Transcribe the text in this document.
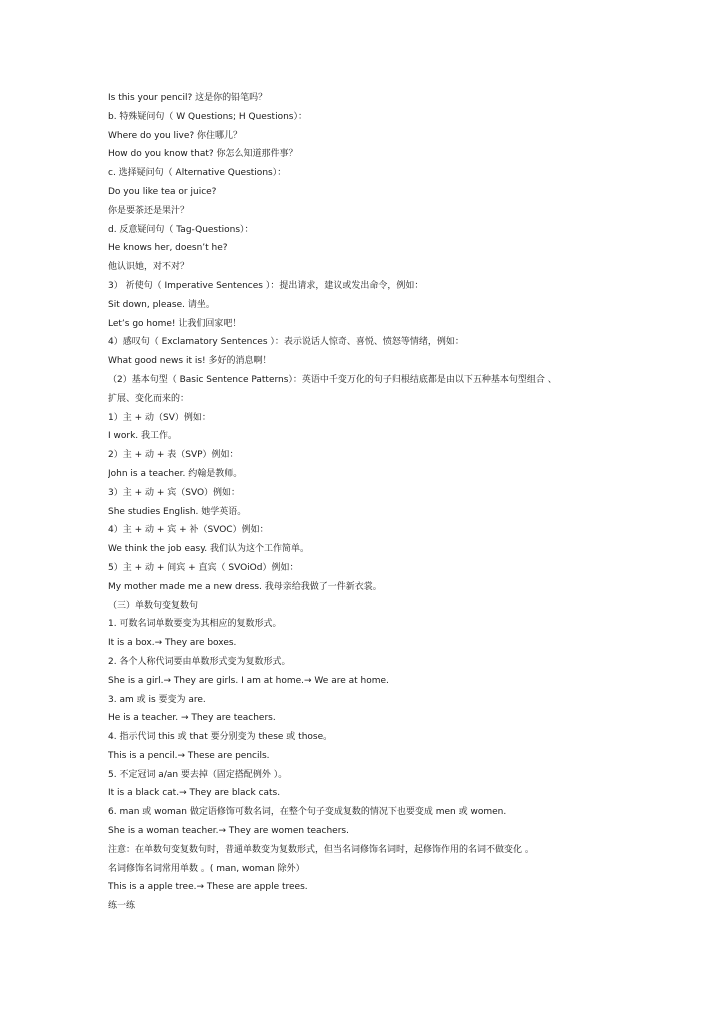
Is this your pencil? 这是你的铅笔吗？
b. 特殊疑问句（ W Questions; H Questions）：
Where do you live? 你住哪儿？
How do you know that? 你怎么知道那件事？
c. 选择疑问句（ Alternative Questions）：
Do you like tea or juice?
你是要茶还是果汁？
d. 反意疑问句（ Tag-Questions）：
He knows her, doesn’t he?
他认识她，对不对？
3） 祈使句（ Imperative Sentences ）：提出请求，建议或发出命令，例如：
Sit down, please. 请坐。
Let’s go home! 让我们回家吧！
4）感叹句（ Exclamatory Sentences ）：表示说话人惊奇、喜悦、愤怒等情绪，例如：
What good news it is! 多好的消息啊！
（2）基本句型（ Basic Sentence Patterns）：英语中千变万化的句子归根结底都是由以下五种基本句型组合 、
扩展、变化而来的：
1）主 + 动（SV）例如：
I work. 我工作。
2）主 + 动 + 表（SVP）例如：
John is a teacher. 约翰是教师。
3）主 + 动 + 宾（SVO）例如：
She studies English. 她学英语。
4）主 + 动 + 宾 + 补（SVOC）例如：
We think the job easy. 我们认为这个工作简单。
5）主 + 动 + 间宾 + 直宾（ SVOiOd）例如：
My mother made me a new dress. 我母亲给我做了一件新衣裳。
（三）单数句变复数句
1. 可数名词单数要变为其相应的复数形式。
It is a box.→ They are boxes.
2. 各个人称代词要由单数形式变为复数形式。
She is a girl.→ They are girls. I am at home.→ We are at home.
3. am 或 is 要变为 are.
He is a teacher. → They are teachers.
4. 指示代词 this 或 that 要分别变为 these 或 those。
This is a pencil.→ These are pencils.
5. 不定冠词 a/an 要去掉（固定搭配例外 ）。
It is a black cat.→ They are black cats.
6. man 或 woman 做定语修饰可数名词，在整个句子变成复数的情况下也要变成 men 或 women.
She is a woman teacher.→ They are women teachers.
注意：在单数句变复数句时，普通单数变为复数形式，但当名词修饰名词时，起修饰作用的名词不做变化 。
名词修饰名词常用单数 。( man, woman 除外）
This is a apple tree.→ These are apple trees.
练一练
